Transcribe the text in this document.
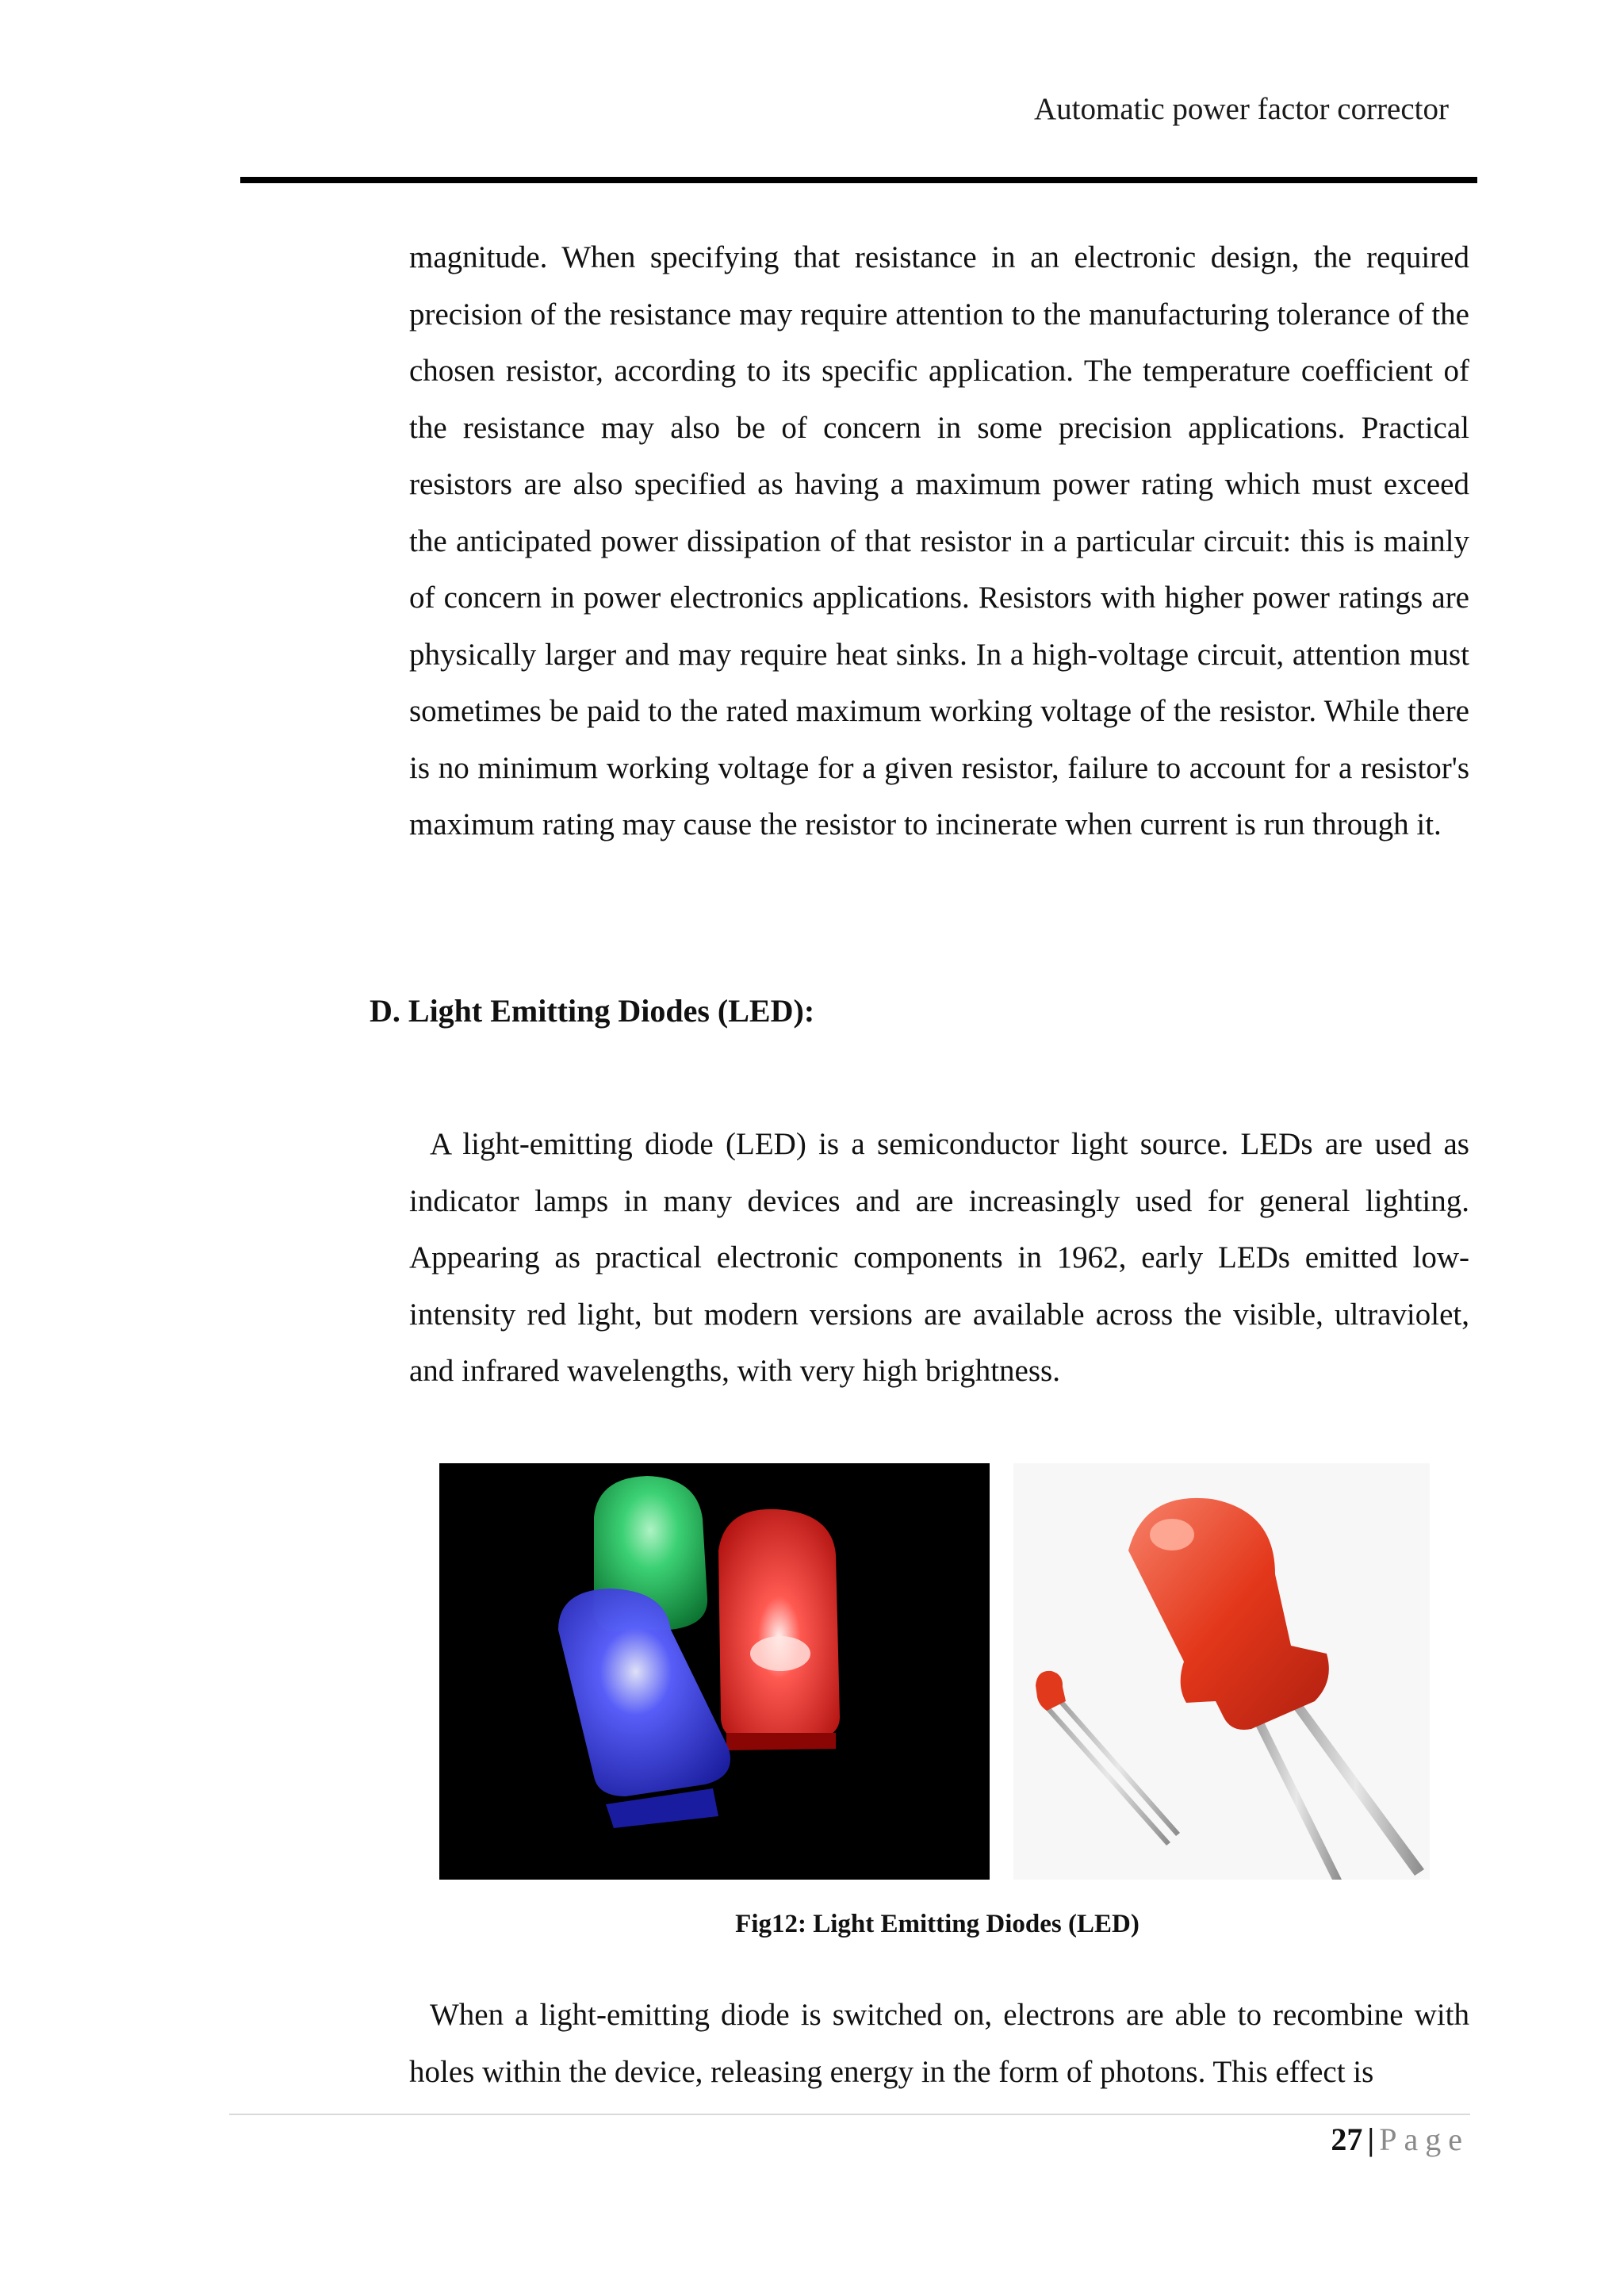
Automatic power factor corrector

magnitude. When specifying that resistance in an electronic design, the required precision of the resistance may require attention to the manufacturing tolerance of the chosen resistor, according to its specific application. The temperature coefficient of the resistance may also be of concern in some precision applications. Practical resistors are also specified as having a maximum power rating which must exceed the anticipated power dissipation of that resistor in a particular circuit: this is mainly of concern in power electronics applications. Resistors with higher power ratings are physically larger and may require heat sinks. In a high-voltage circuit, attention must sometimes be paid to the rated maximum working voltage of the resistor. While there is no minimum working voltage for a given resistor, failure to account for a resistor's maximum rating may cause the resistor to incinerate when current is run through it.

D. Light Emitting Diodes (LED):

A light-emitting diode (LED) is a semiconductor light source. LEDs are used as indicator lamps in many devices and are increasingly used for general lighting. Appearing as practical electronic components in 1962, early LEDs emitted low-intensity red light, but modern versions are available across the visible, ultraviolet, and infrared wavelengths, with very high brightness.

Fig12: Light Emitting Diodes (LED)

When a light-emitting diode is switched on, electrons are able to recombine with holes within the device, releasing energy in the form of photons. This effect is

27 | Page
